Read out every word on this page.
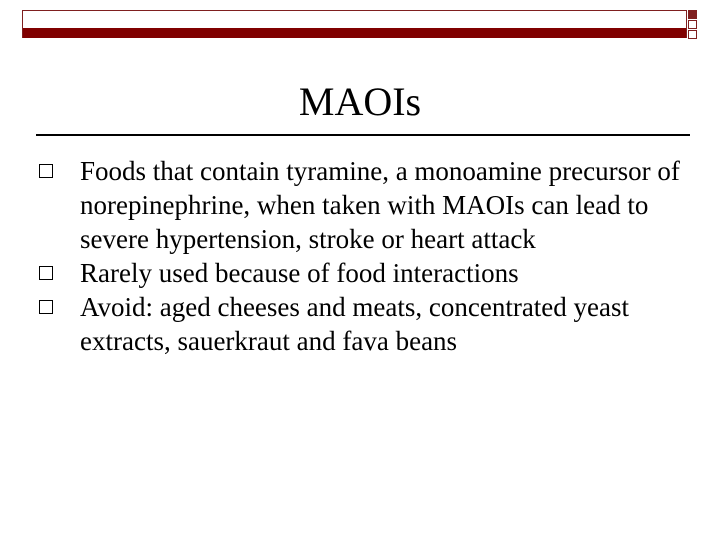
MAOIs
Foods that contain tyramine, a monoamine precursor of norepinephrine, when taken with MAOIs can lead to severe hypertension, stroke or heart attack
Rarely used because of food interactions
Avoid: aged cheeses and meats, concentrated yeast extracts, sauerkraut and fava beans
